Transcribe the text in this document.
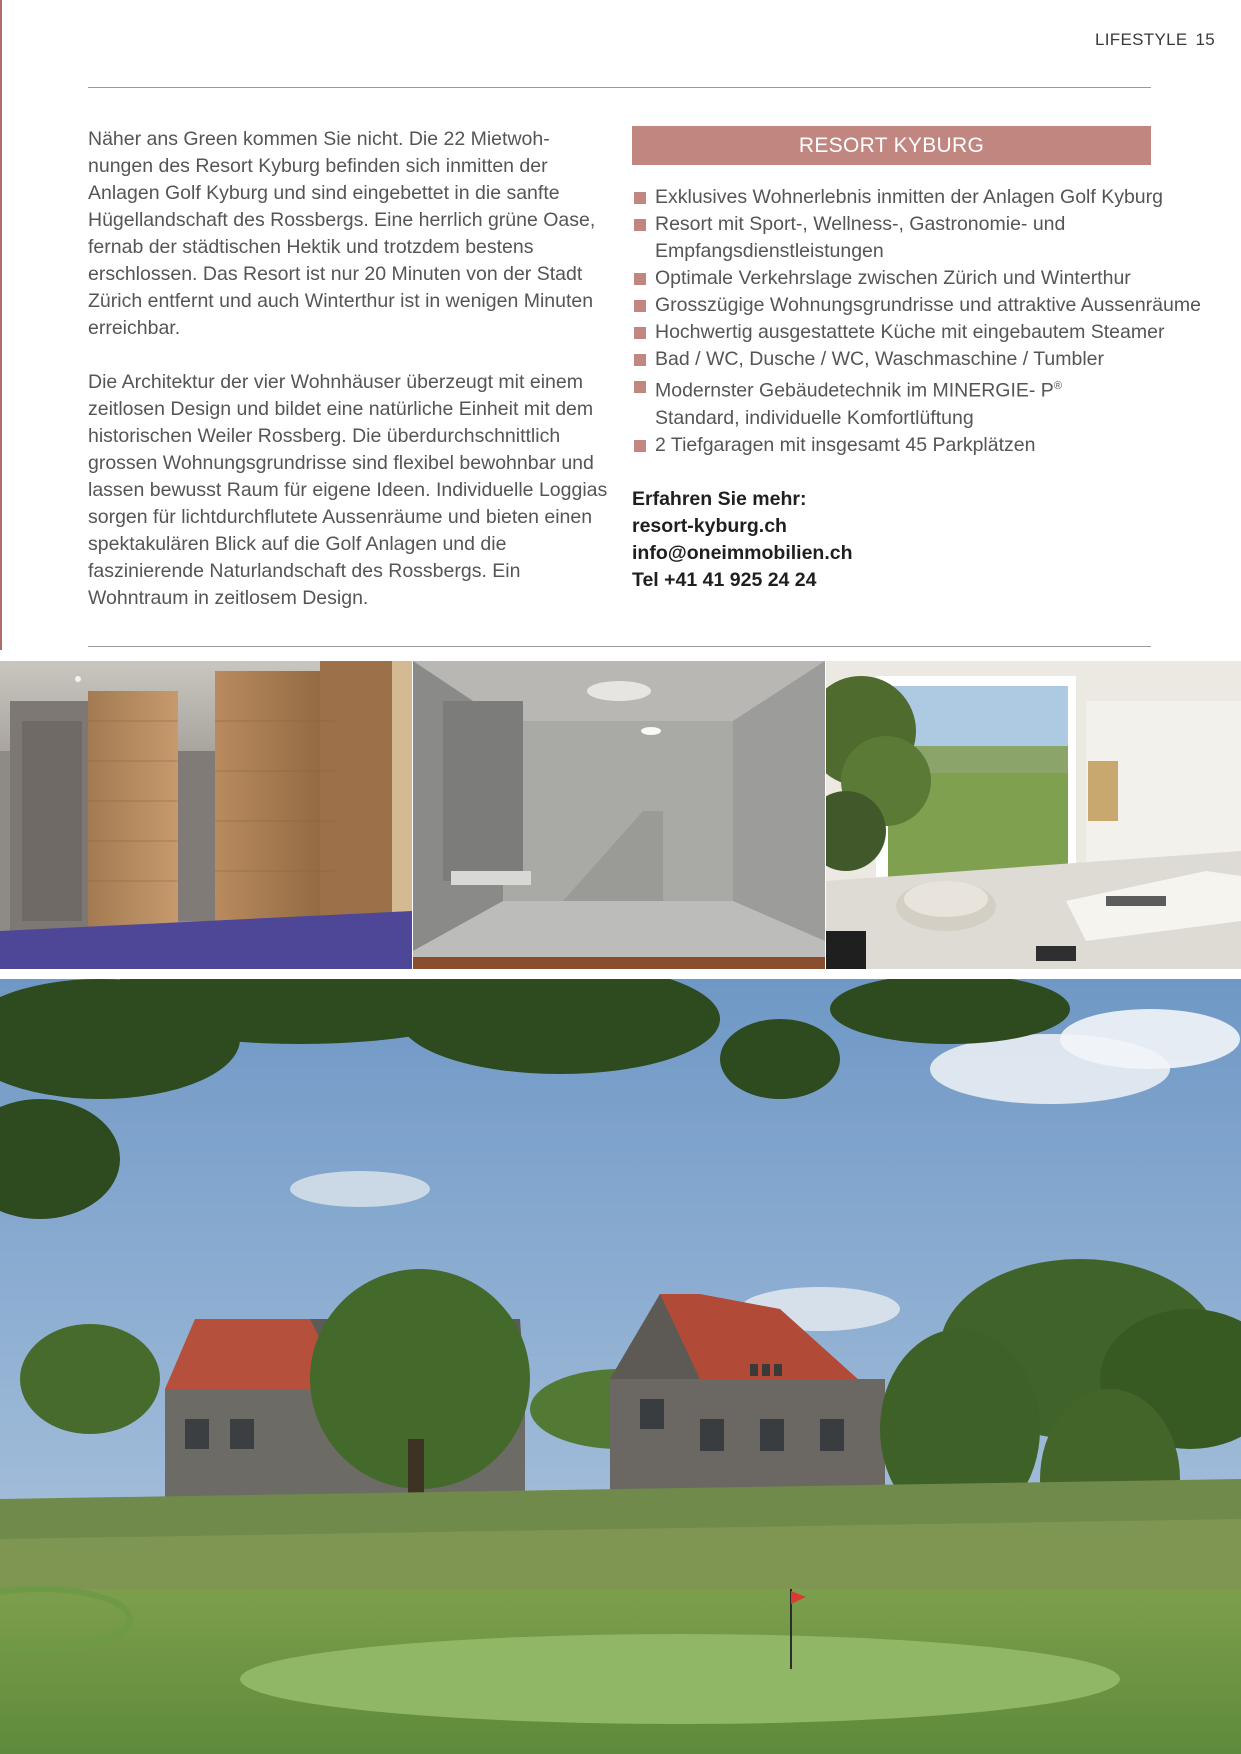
LIFESTYLE 15

Näher ans Green kommen Sie nicht. Die 22 Mietwoh-nungen des Resort Kyburg befinden sich inmitten der Anlagen Golf Kyburg und sind eingebettet in die sanfte Hügellandschaft des Rossbergs. Eine herrlich grüne Oase, fernab der städtischen Hektik und trotzdem bestens erschlossen. Das Resort ist nur 20 Minuten von der Stadt Zürich entfernt und auch Winterthur ist in wenigen Minuten erreichbar.

Die Architektur der vier Wohnhäuser überzeugt mit einem zeitlosen Design und bildet eine natürliche Einheit mit dem historischen Weiler Rossberg. Die überdurchschnittlich grossen Wohnungsgrundrisse sind flexibel bewohnbar und lassen bewusst Raum für eigene Ideen. Individuelle Loggias sorgen für lichtdurchflutete Aussenräume und bieten einen spektakulären Blick auf die Golf Anlagen und die faszinierende Naturlandschaft des Rossbergs. Ein Wohntraum in zeitlosem Design.

RESORT KYBURG
Exklusives Wohnerlebnis inmitten der Anlagen Golf Kyburg
Resort mit Sport-, Wellness-, Gastronomie- und Empfangsdienstleistungen
Optimale Verkehrslage zwischen Zürich und Winterthur
Grosszügige Wohnungsgrundrisse und attraktive Aussenräume
Hochwertig ausgestattete Küche mit eingebautem Steamer
Bad / WC, Dusche / WC, Waschmaschine / Tumbler
Modernster Gebäudetechnik im MINERGIE- P®
Standard, individuelle Komfortlüftung
2 Tiefgaragen mit insgesamt 45 Parkplätzen
Erfahren Sie mehr:
resort-kyburg.ch
info@oneimmobilien.ch
Tel +41 41 925 24 24
